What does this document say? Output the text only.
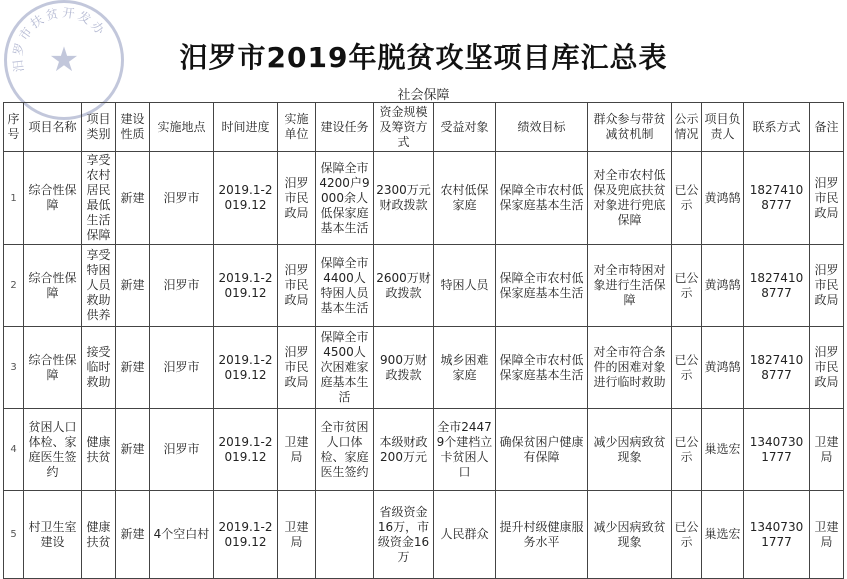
汨罗市扶贫开发办
★	汨罗市2019年脱贫攻坚项目库汇总表
社会保障
序号	项目名称	项目类别	建设性质	实施地点	时间进度	实施单位	建设任务	资金规模及筹资方式	受益对象	绩效目标	群众参与带贫减贫机制	公示情况	项目负责人	联系方式	备注
1	综合性保障	享受农村居民最低生活保障	新建	汨罗市	2019.1-2019.12	汨罗市民政局	保障全市4200户9000余人低保家庭基本生活	2300万元财政拨款	农村低保家庭	保障全市农村低保家庭基本生活	对全市农村低保及兜底扶贫对象进行兜底保障	已公示	黄鸿鹄	18274108777	汨罗市民政局
2	综合性保障	享受特困人员救助供养	新建	汨罗市	2019.1-2019.12	汨罗市民政局	保障全市4400人特困人员基本生活	2600万财政拨款	特困人员	保障全市农村低保家庭基本生活	对全市特困对象进行生活保障	已公示	黄鸿鹄	18274108777	汨罗市民政局
3	综合性保障	接受临时救助	新建	汨罗市	2019.1-2019.12	汨罗市民政局	保障全市4500人次困难家庭基本生活	900万财政拨款	城乡困难家庭	保障全市农村低保家庭基本生活	对全市符合条件的困难对象进行临时救助	已公示	黄鸿鹄	18274108777	汨罗市民政局
4	贫困人口体检、家庭医生签约	健康扶贫	新建	汨罗市	2019.1-2019.12	卫建局	全市贫困人口体检、家庭医生签约	本级财政200万元	全市24479个建档立卡贫困人口	确保贫困户健康有保障	减少因病致贫现象	已公示	巢选宏	13407301777	卫建局
5	村卫生室建设	健康扶贫	新建	4个空白村	2019.1-2019.12	卫建局		省级资金16万，市级资金16万	人民群众	提升村级健康服务水平	减少因病致贫现象	已公示	巢选宏	13407301777	卫建局
